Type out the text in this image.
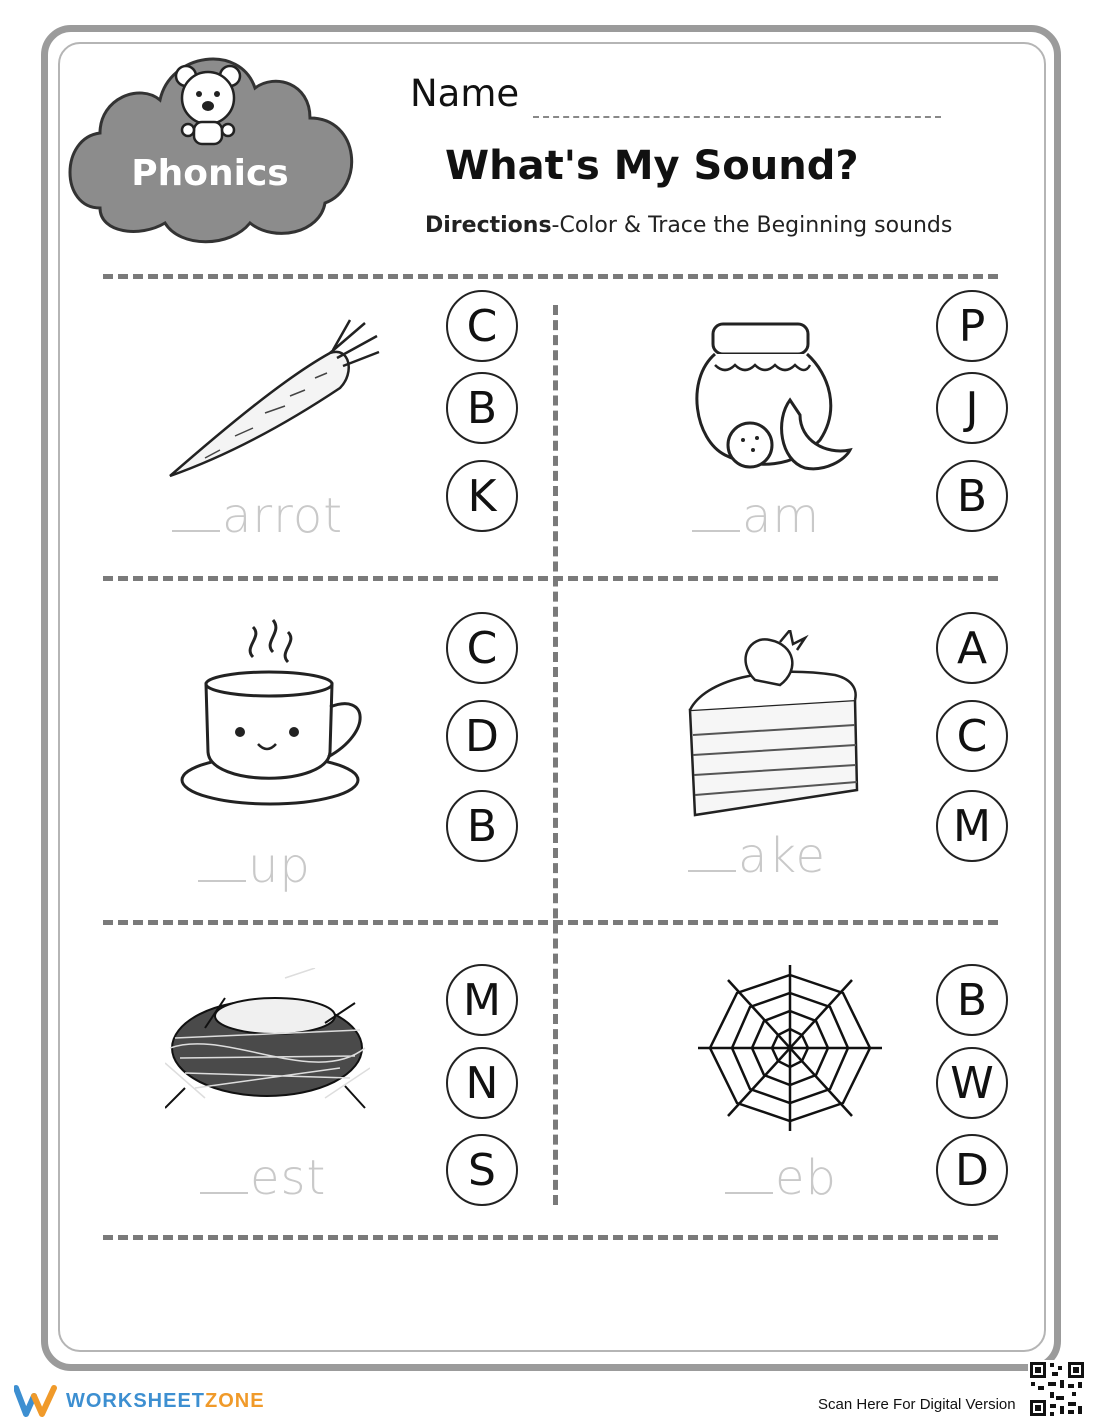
Phonics
Name
What's My Sound?
Directions-Color & Trace the Beginning sounds
arrot
C
B
K	am
P
J
B
up
C
D
B
ake
A
C
M
est
M
N
S	eb
B
W
D
WORKSHEETZONE	Scan Here For Digital Version
